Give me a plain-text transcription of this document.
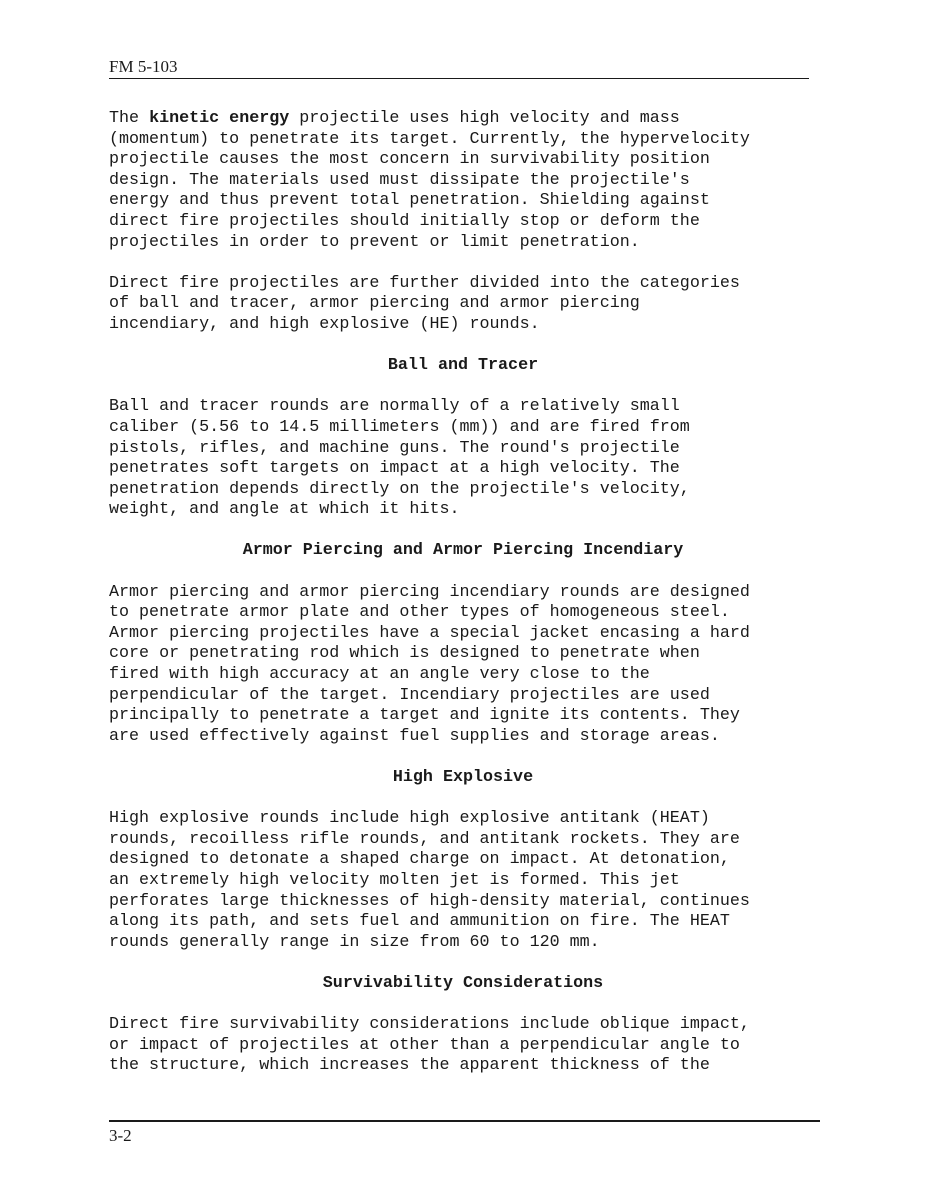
FM 5-103

The kinetic energy projectile uses high velocity and mass
(momentum) to penetrate its target. Currently, the hypervelocity
projectile causes the most concern in survivability position
design. The materials used must dissipate the projectile's
energy and thus prevent total penetration. Shielding against
direct fire projectiles should initially stop or deform the
projectiles in order to prevent or limit penetration.

Direct fire projectiles are further divided into the categories
of ball and tracer, armor piercing and armor piercing
incendiary, and high explosive (HE) rounds.

Ball and Tracer

Ball and tracer rounds are normally of a relatively small
caliber (5.56 to 14.5 millimeters (mm)) and are fired from
pistols, rifles, and machine guns. The round's projectile
penetrates soft targets on impact at a high velocity. The
penetration depends directly on the projectile's velocity,
weight, and angle at which it hits.

Armor Piercing and Armor Piercing Incendiary

Armor piercing and armor piercing incendiary rounds are designed
to penetrate armor plate and other types of homogeneous steel.
Armor piercing projectiles have a special jacket encasing a hard
core or penetrating rod which is designed to penetrate when
fired with high accuracy at an angle very close to the
perpendicular of the target. Incendiary projectiles are used
principally to penetrate a target and ignite its contents. They
are used effectively against fuel supplies and storage areas.

High Explosive

High explosive rounds include high explosive antitank (HEAT)
rounds, recoilless rifle rounds, and antitank rockets. They are
designed to detonate a shaped charge on impact. At detonation,
an extremely high velocity molten jet is formed. This jet
perforates large thicknesses of high-density material, continues
along its path, and sets fuel and ammunition on fire. The HEAT
rounds generally range in size from 60 to 120 mm.

Survivability Considerations

Direct fire survivability considerations include oblique impact,
or impact of projectiles at other than a perpendicular angle to
the structure, which increases the apparent thickness of the

3-2
